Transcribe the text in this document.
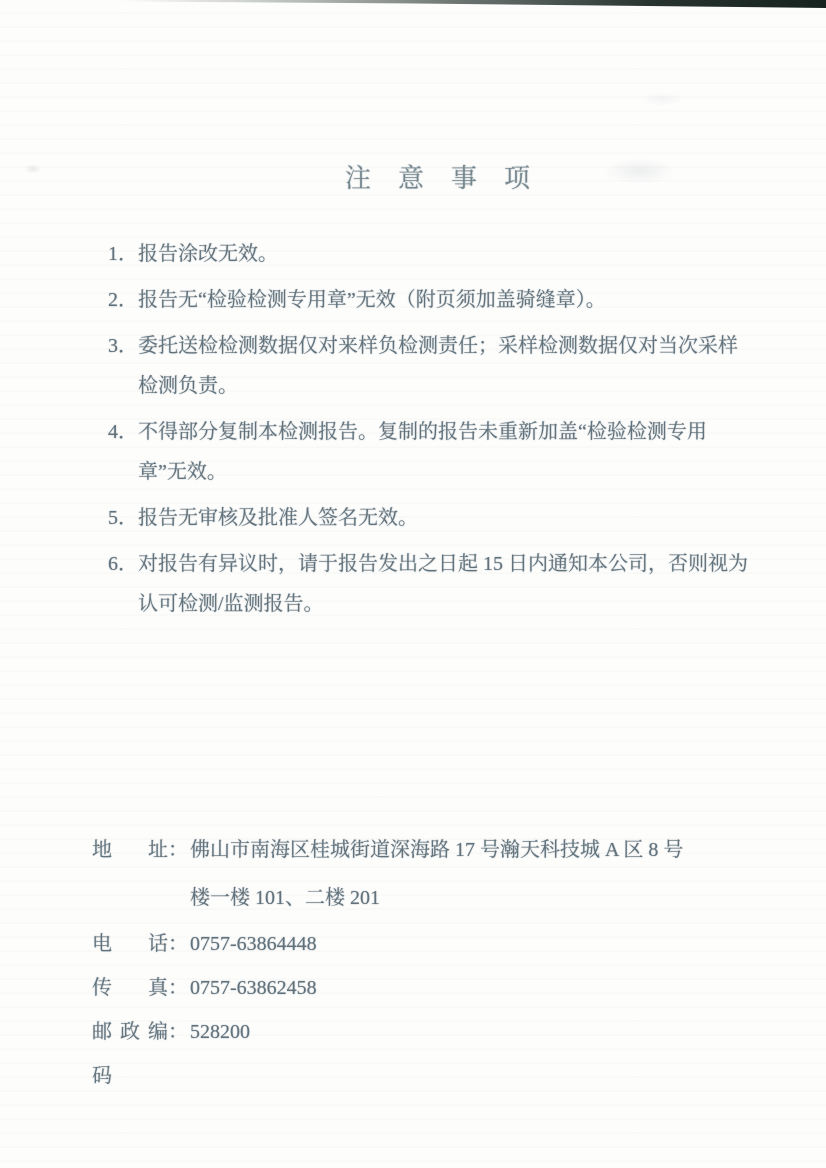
注意事项
1． 报告涂改无效。
2． 报告无“检验检测专用章”无效（附页须加盖骑缝章）。
3． 委托送检检测数据仅对来样负检测责任；采样检测数据仅对当次采样检测负责。
4． 不得部分复制本检测报告。复制的报告未重新加盖“检验检测专用章”无效。
5． 报告无审核及批准人签名无效。
6． 对报告有异议时，请于报告发出之日起 15 日内通知本公司，否则视为认可检测/监测报告。
地址 ： 佛山市南海区桂城街道深海路 17 号瀚天科技城 A 区 8 号
楼一楼 101、二楼 201
电话 ： 0757-63864448
传真 ： 0757-63862458
邮政编码
： 528200
